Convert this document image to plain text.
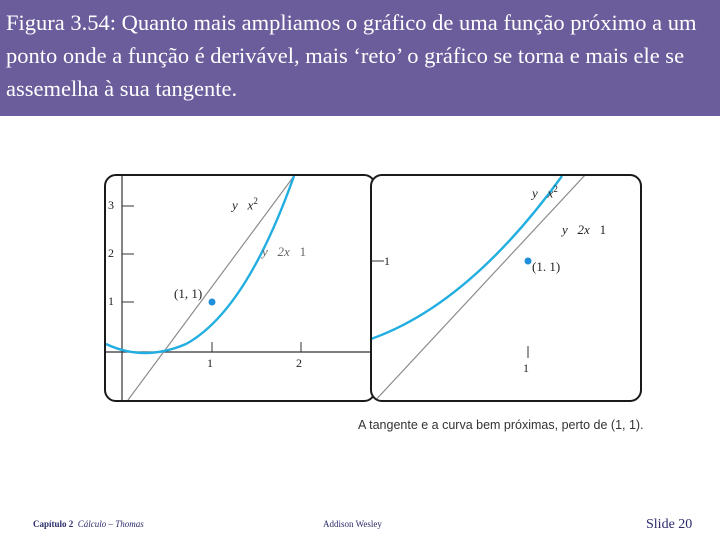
Figura 3.54: Quanto mais ampliamos o gráfico de uma função próximo a um ponto onde a função é derivável, mais ‘reto’ o gráfico se torna e mais ele se assemelha à sua tangente.
3
2
1
1	2
y $x^2$
y 2x 1
(1, 1)
1
1
y $x^2$
y 2x 1
(1. 1)
A tangente e a curva bem próximas, perto de (1, 1).
Capítulo 2 Cálculo – Thomas	Addison Wesley	Slide 20
